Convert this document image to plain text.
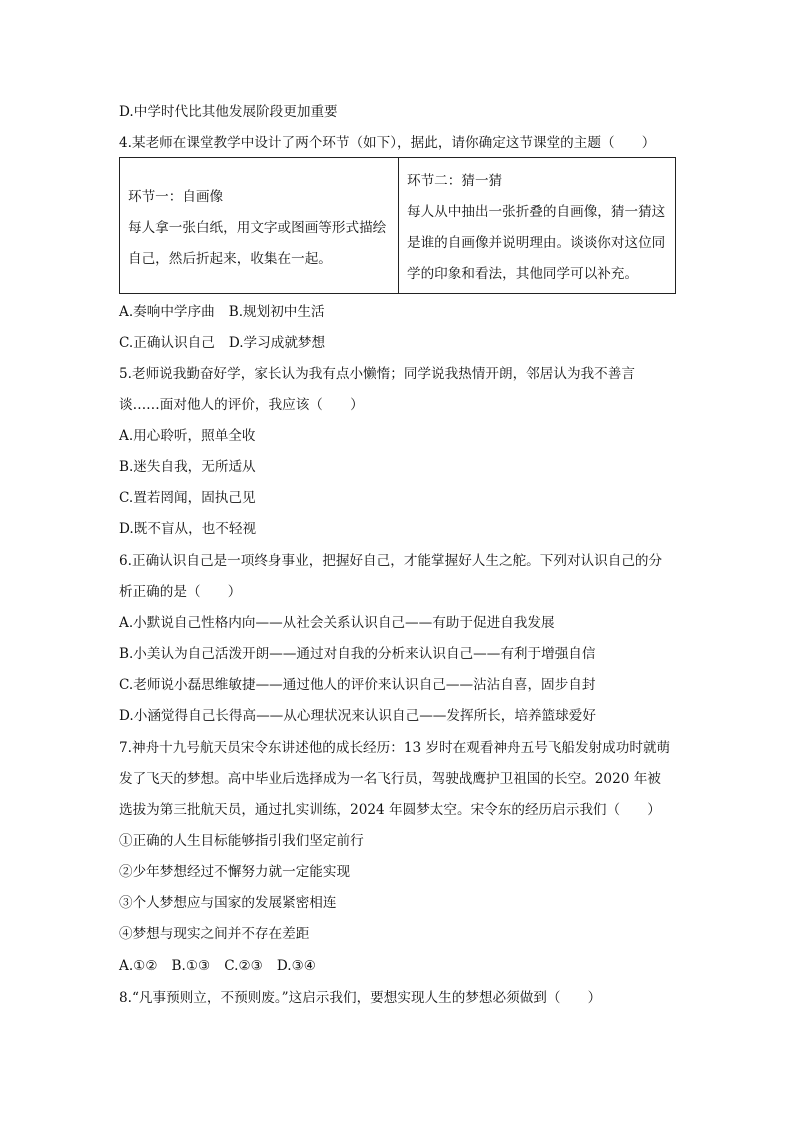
D.中学时代比其他发展阶段更加重要
4.某老师在课堂教学中设计了两个环节（如下），据此，请你确定这节课堂的主题（　　）
环节一：自画像
每人拿一张白纸，用文字或图画等形式描绘
自己，然后折起来，收集在一起。

环节二：猜一猜
每人从中抽出一张折叠的自画像，猜一猜这
是谁的自画像并说明理由。谈谈你对这位同
学的印象和看法，其他同学可以补充。
A.奏响中学序曲 B.规划初中生活
C.正确认识自己 D.学习成就梦想
5.老师说我勤奋好学，家长认为我有点小懒惰；同学说我热情开朗，邻居认为我不善言
谈……面对他人的评价，我应该（　　）
A.用心聆听，照单全收
B.迷失自我，无所适从
C.置若罔闻，固执己见
D.既不盲从，也不轻视
6.正确认识自己是一项终身事业，把握好自己，才能掌握好人生之舵。下列对认识自己的分
析正确的是（　　）
A.小默说自己性格内向——从社会关系认识自己——有助于促进自我发展
B.小美认为自己活泼开朗——通过对自我的分析来认识自己——有利于增强自信
C.老师说小磊思维敏捷——通过他人的评价来认识自己——沾沾自喜，固步自封
D.小涵觉得自己长得高——从心理状况来认识自己——发挥所长，培养篮球爱好
7.神舟十九号航天员宋令东讲述他的成长经历：13 岁时在观看神舟五号飞船发射成功时就萌
发了飞天的梦想。高中毕业后选择成为一名飞行员，驾驶战鹰护卫祖国的长空。2020 年被
选拔为第三批航天员，通过扎实训练，2024 年圆梦太空。宋令东的经历启示我们（　　）
①正确的人生目标能够指引我们坚定前行
②少年梦想经过不懈努力就一定能实现
③个人梦想应与国家的发展紧密相连
④梦想与现实之间并不存在差距
A.①② B.①③ C.②③ D.③④
8.“凡事预则立，不预则废。”这启示我们，要想实现人生的梦想必须做到（　　）
